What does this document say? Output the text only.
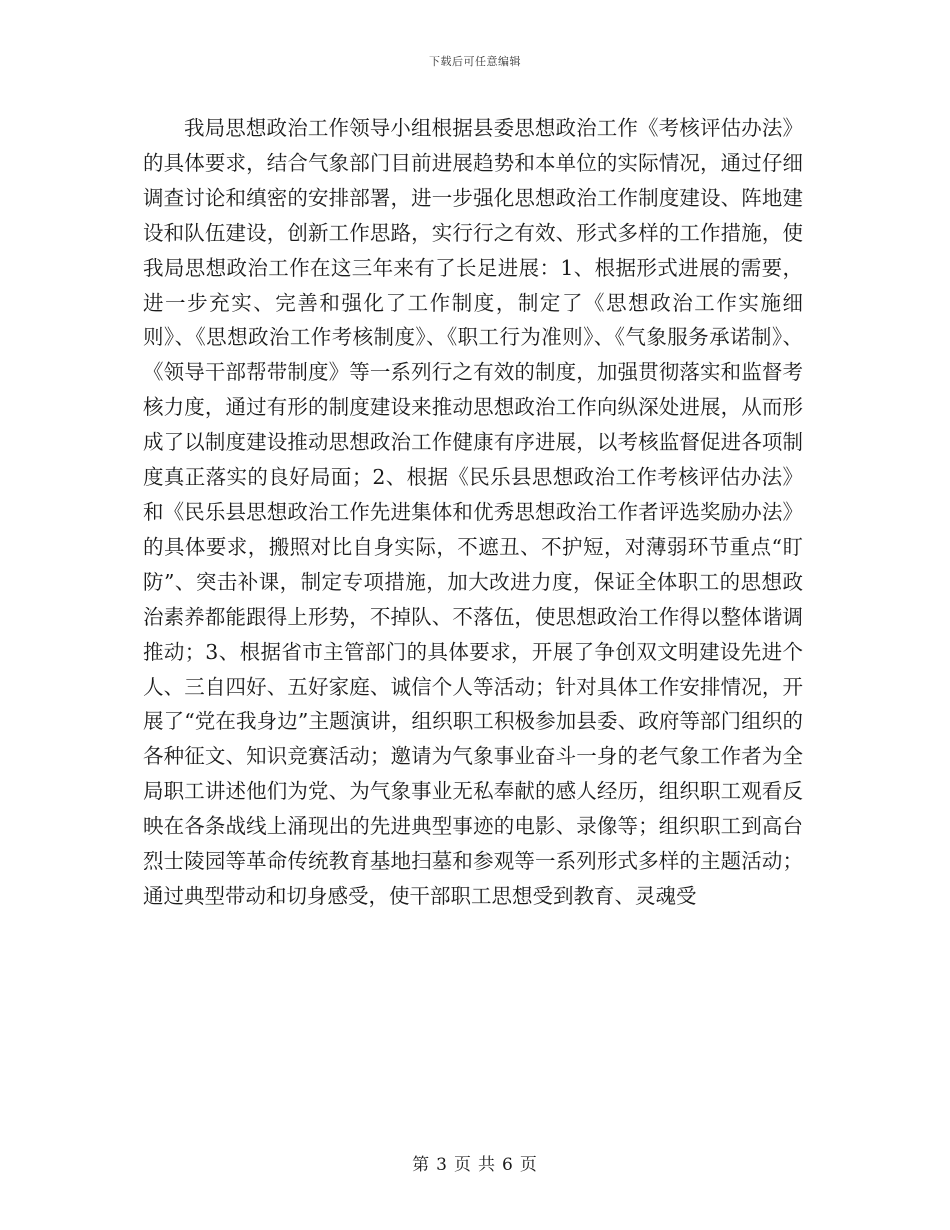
下载后可任意编辑

我局思想政治工作领导小组根据县委思想政治工作《考核评估办法》的具体要求，结合气象部门目前进展趋势和本单位的实际情况，通过仔细调查讨论和缜密的安排部署，进一步强化思想政治工作制度建设、阵地建设和队伍建设，创新工作思路，实行行之有效、形式多样的工作措施，使我局思想政治工作在这三年来有了长足进展：1、根据形式进展的需要，进一步充实、完善和强化了工作制度，制定了《思想政治工作实施细则》、《思想政治工作考核制度》、《职工行为准则》、《气象服务承诺制》、《领导干部帮带制度》等一系列行之有效的制度，加强贯彻落实和监督考核力度，通过有形的制度建设来推动思想政治工作向纵深处进展，从而形成了以制度建设推动思想政治工作健康有序进展，以考核监督促进各项制度真正落实的良好局面；2、根据《民乐县思想政治工作考核评估办法》和《民乐县思想政治工作先进集体和优秀思想政治工作者评选奖励办法》的具体要求，搬照对比自身实际，不遮丑、不护短，对薄弱环节重点“盯防”、突击补课，制定专项措施，加大改进力度，保证全体职工的思想政治素养都能跟得上形势，不掉队、不落伍，使思想政治工作得以整体谐调推动；3、根据省市主管部门的具体要求，开展了争创双文明建设先进个人、三自四好、五好家庭、诚信个人等活动；针对具体工作安排情况，开展了“党在我身边”主题演讲，组织职工积极参加县委、政府等部门组织的各种征文、知识竞赛活动；邀请为气象事业奋斗一身的老气象工作者为全局职工讲述他们为党、为气象事业无私奉献的感人经历，组织职工观看反映在各条战线上涌现出的先进典型事迹的电影、录像等；组织职工到高台烈士陵园等革命传统教育基地扫墓和参观等一系列形式多样的主题活动；通过典型带动和切身感受，使干部职工思想受到教育、灵魂受

第 3 页 共 6 页
